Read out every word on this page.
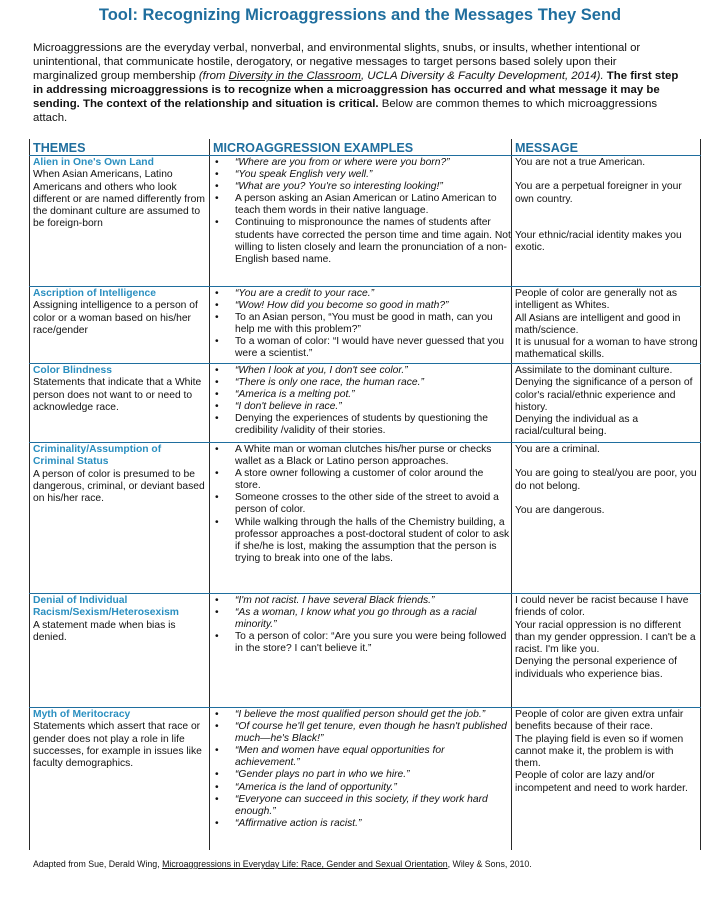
Tool: Recognizing Microaggressions and the Messages They Send
Microaggressions are the everyday verbal, nonverbal, and environmental slights, snubs, or insults, whether intentional or unintentional, that communicate hostile, derogatory, or negative messages to target persons based solely upon their marginalized group membership (from Diversity in the Classroom, UCLA Diversity & Faculty Development, 2014). The first step in addressing microaggressions is to recognize when a microaggression has occurred and what message it may be sending. The context of the relationship and situation is critical. Below are common themes to which microaggressions attach.
THEMES	MICROAGGRESSION EXAMPLES	MESSAGE
Alien in One's Own Land
When Asian Americans, Latino Americans and others who look different or are named differently from the dominant culture are assumed to be foreign-born
• “Where are you from or where were you born?”
• “You speak English very well.”
• “What are you? You're so interesting looking!”
• A person asking an Asian American or Latino American to teach them words in their native language.
• Continuing to mispronounce the names of students after students have corrected the person time and time again. Not willing to listen closely and learn the pronunciation of a non-English based name.
You are not a true American.
You are a perpetual foreigner in your own country.
Your ethnic/racial identity makes you exotic.
Ascription of Intelligence
Assigning intelligence to a person of color or a woman based on his/her race/gender
• “You are a credit to your race.”
• “Wow! How did you become so good in math?”
• To an Asian person, “You must be good in math, can you help me with this problem?”
• To a woman of color: “I would have never guessed that you were a scientist.”
People of color are generally not as intelligent as Whites.
All Asians are intelligent and good in math/science.
It is unusual for a woman to have strong mathematical skills.
Color Blindness
Statements that indicate that a White person does not want to or need to acknowledge race.
• “When I look at you, I don't see color.”
• “There is only one race, the human race.”
• “America is a melting pot.”
• “I don't believe in race.”
• Denying the experiences of students by questioning the credibility /validity of their stories.
Assimilate to the dominant culture.
Denying the significance of a person of color's racial/ethnic experience and history.
Denying the individual as a racial/cultural being.
Criminality/Assumption of Criminal Status
A person of color is presumed to be dangerous, criminal, or deviant based on his/her race.
• A White man or woman clutches his/her purse or checks wallet as a Black or Latino person approaches.
• A store owner following a customer of color around the store.
• Someone crosses to the other side of the street to avoid a person of color.
• While walking through the halls of the Chemistry building, a professor approaches a post-doctoral student of color to ask if she/he is lost, making the assumption that the person is trying to break into one of the labs.
You are a criminal.
You are going to steal/you are poor, you do not belong.
You are dangerous.
Denial of Individual Racism/Sexism/Heterosexism
A statement made when bias is denied.
• “I'm not racist. I have several Black friends.”
• “As a woman, I know what you go through as a racial minority.”
• To a person of color: “Are you sure you were being followed in the store? I can't believe it.”
I could never be racist because I have friends of color.
Your racial oppression is no different than my gender oppression. I can't be a racist. I'm like you.
Denying the personal experience of individuals who experience bias.
Myth of Meritocracy
Statements which assert that race or gender does not play a role in life successes, for example in issues like faculty demographics.
• “I believe the most qualified person should get the job.”
• “Of course he'll get tenure, even though he hasn't published much—he's Black!”
• “Men and women have equal opportunities for achievement.”
• “Gender plays no part in who we hire.”
• “America is the land of opportunity.”
• “Everyone can succeed in this society, if they work hard enough.”
• “Affirmative action is racist.”
People of color are given extra unfair benefits because of their race.
The playing field is even so if women cannot make it, the problem is with them.
People of color are lazy and/or incompetent and need to work harder.
Adapted from Sue, Derald Wing, Microaggressions in Everyday Life: Race, Gender and Sexual Orientation, Wiley & Sons, 2010.
